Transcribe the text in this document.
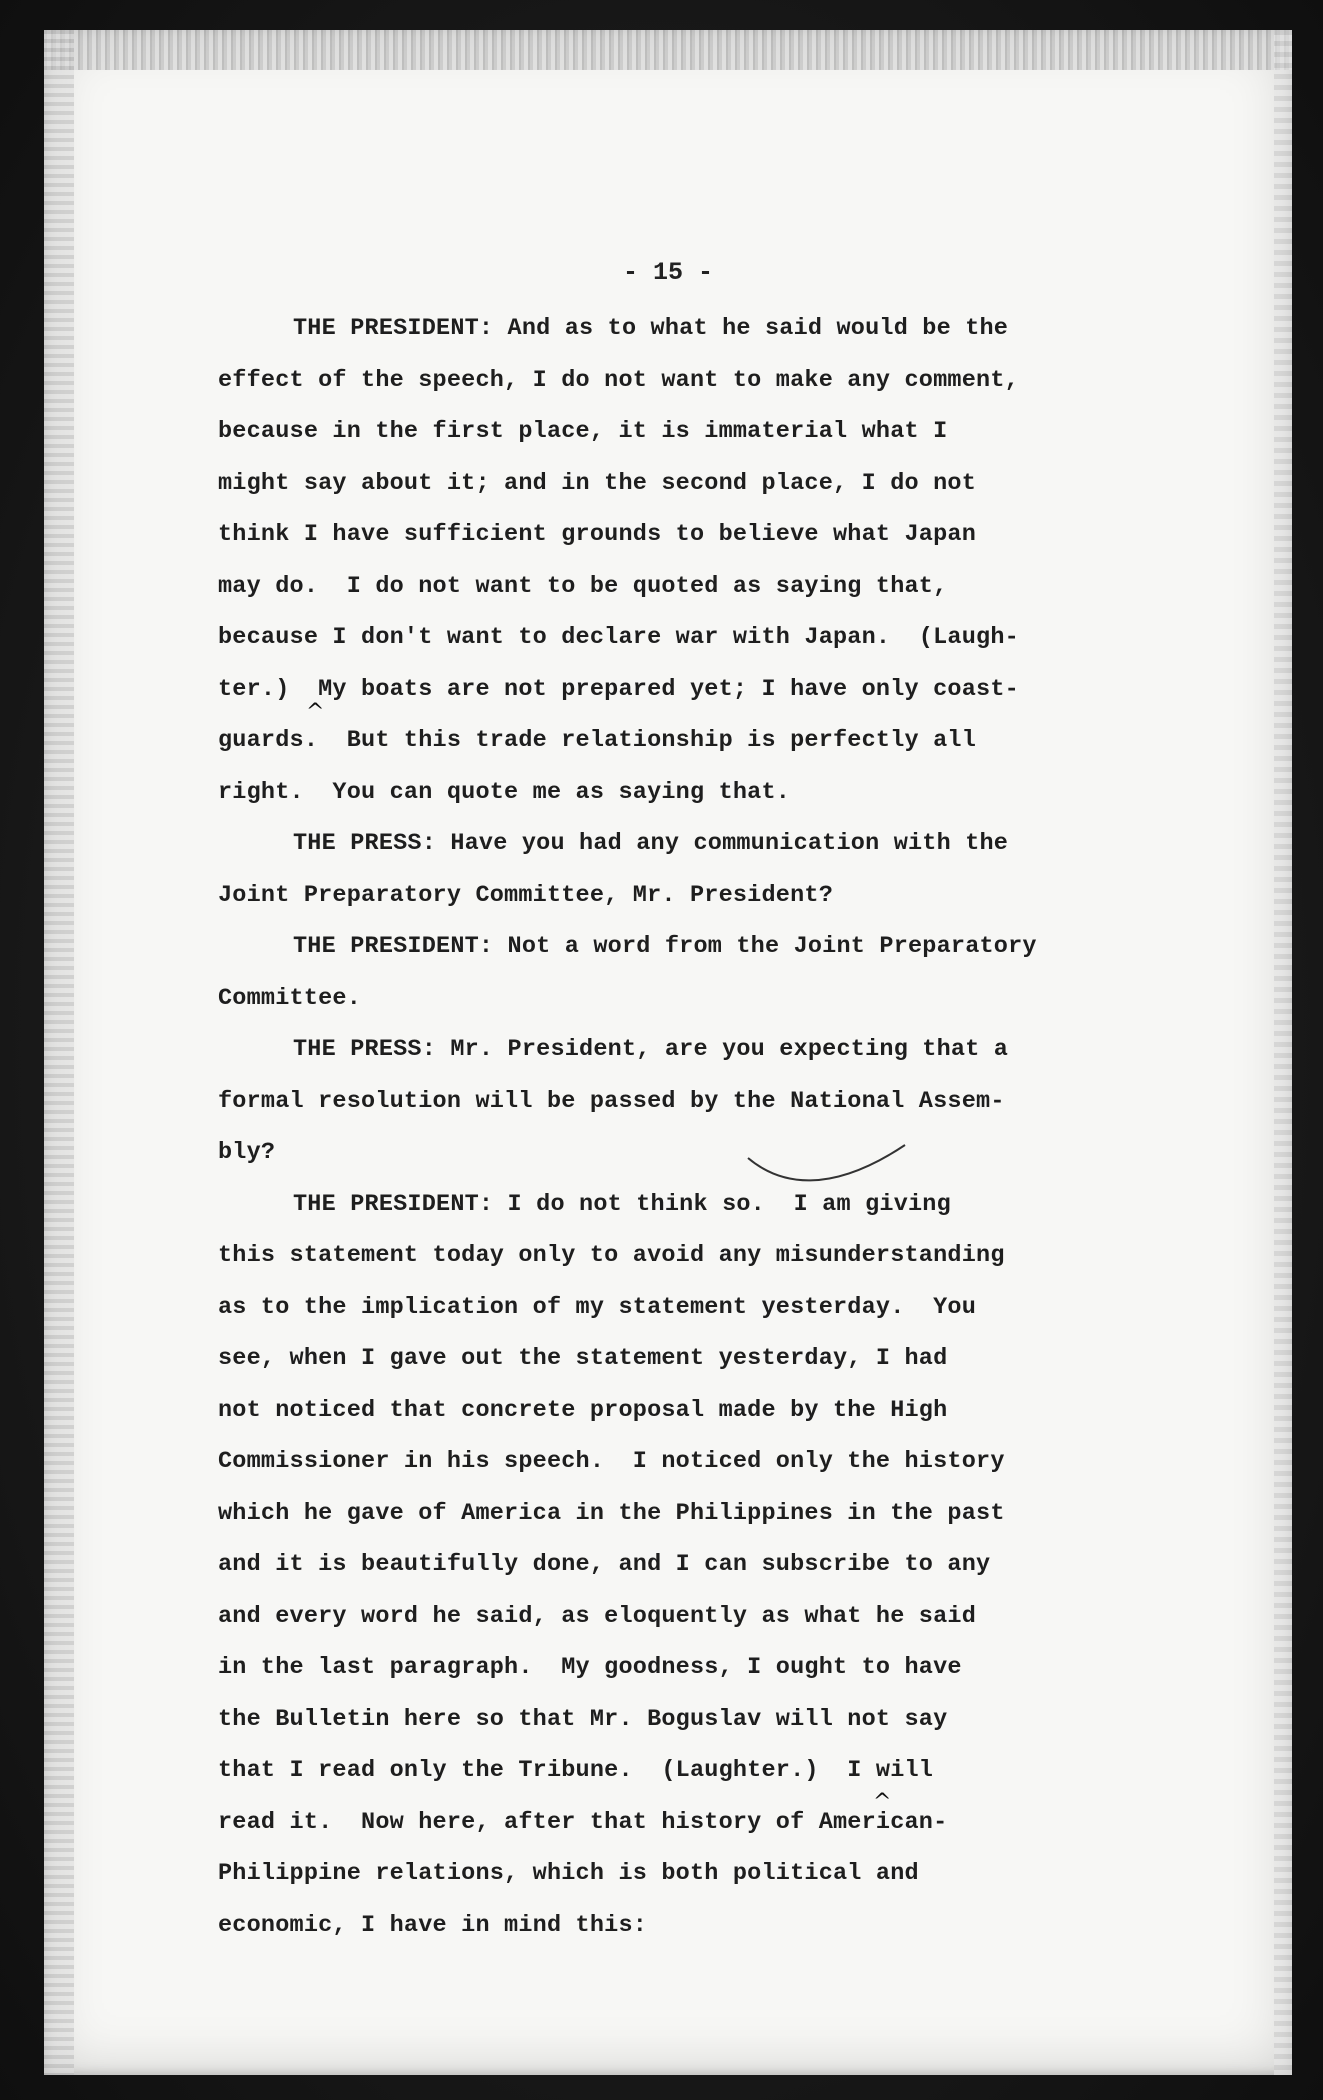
- 15 -
THE PRESIDENT: And as to what he said would be the
effect of the speech, I do not want to make any comment,
because in the first place, it is immaterial what I
might say about it; and in the second place, I do not
think I have sufficient grounds to believe what Japan
may do.  I do not want to be quoted as saying that,
because I don't want to declare war with Japan.  (Laugh-
ter.)  My boats are not prepared yet; I have only coast-
guards.  But this trade relationship is perfectly all
right.  You can quote me as saying that.
THE PRESS: Have you had any communication with the
Joint Preparatory Committee, Mr. President?
THE PRESIDENT: Not a word from the Joint Preparatory
Committee.
THE PRESS: Mr. President, are you expecting that a
formal resolution will be passed by the National Assem-
bly?
THE PRESIDENT: I do not think so.  I am giving
this statement today only to avoid any misunderstanding
as to the implication of my statement yesterday.  You
see, when I gave out the statement yesterday, I had
not noticed that concrete proposal made by the High
Commissioner in his speech.  I noticed only the history
which he gave of America in the Philippines in the past
and it is beautifully done, and I can subscribe to any
and every word he said, as eloquently as what he said
in the last paragraph.  My goodness, I ought to have
the Bulletin here so that Mr. Boguslav will not say
that I read only the Tribune.  (Laughter.)  I will
read it.  Now here, after that history of American-
Philippine relations, which is both political and
economic, I have in mind this:
^
^
